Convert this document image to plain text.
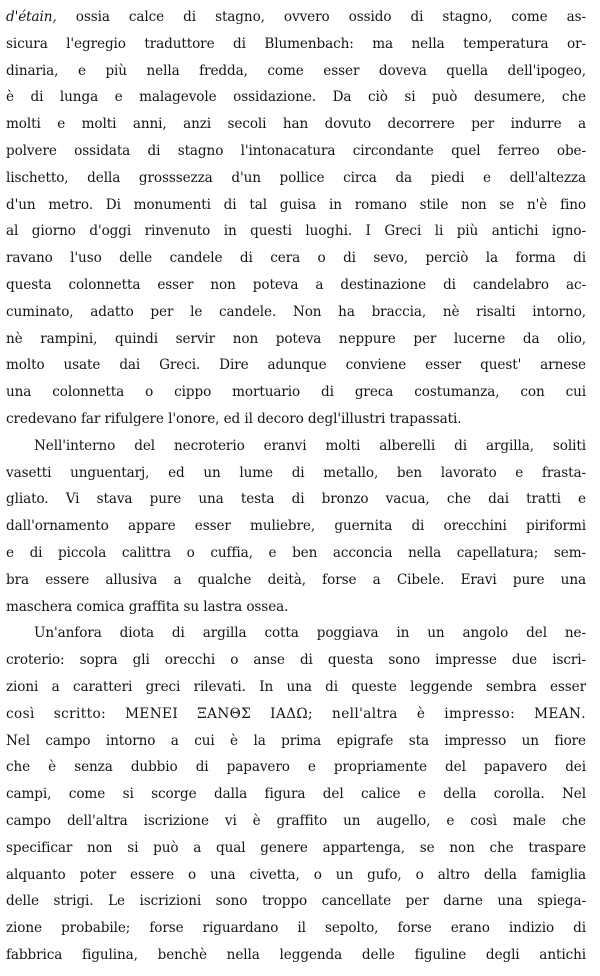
d'étain, ossia calce di stagno, ovvero ossido di stagno, come as-
sicura l'egregio traduttore di Blumenbach: ma nella temperatura or-
dinaria, e più nella fredda, come esser doveva quella dell'ipogeo,
è di lunga e malagevole ossidazione. Da ciò si può desumere, che
molti e molti anni, anzi secoli han dovuto decorrere per indurre a
polvere ossidata di stagno l'intonacatura circondante quel ferreo obe-
lischetto, della grosssezza d'un pollice circa da piedi e dell'altezza
d'un metro. Di monumenti di tal guisa in romano stile non se n'è fino
al giorno d'oggi rinvenuto in questi luoghi. I Greci li più antichi igno-
ravano l'uso delle candele di cera o di sevo, perciò la forma di
questa colonnetta esser non poteva a destinazione di candelabro ac-
cuminato, adatto per le candele. Non ha braccia, nè risalti intorno,
nè rampini, quindi servir non poteva neppure per lucerne da olio,
molto usate dai Greci. Dire adunque conviene esser quest' arnese
una colonnetta o cippo mortuario di greca costumanza, con cui
credevano far rifulgere l'onore, ed il decoro degl'illustri trapassati.
Nell'interno del necroterio eranvi molti alberelli di argilla, soliti
vasetti unguentarj, ed un lume di metallo, ben lavorato e frasta-
gliato. Vi stava pure una testa di bronzo vacua, che dai tratti e
dall'ornamento appare esser muliebre, guernita di orecchini piriformi
e di piccola calittra o cuffia, e ben acconcia nella capellatura; sem-
bra essere allusiva a qualche deità, forse a Cibele. Eravi pure una
maschera comica graffita su lastra ossea.
Un'anfora diota di argilla cotta poggiava in un angolo del ne-
croterio: sopra gli orecchi o anse di questa sono impresse due iscri-
zioni a caratteri greci rilevati. In una di queste leggende sembra esser
così scritto: ΜΕΝΕΙ ΞΑΝΘΣ ΙΑΔΩ; nell'altra è impresso: ΜΕΑΝ.
Nel campo intorno a cui è la prima epigrafe sta impresso un fiore
che è senza dubbio di papavero e propriamente del papavero dei
campi, come si scorge dalla figura del calice e della corolla. Nel
campo dell'altra iscrizione vi è graffito un augello, e così male che
specificar non si può a qual genere appartenga, se non che traspare
alquanto poter essere o una civetta, o un gufo, o altro della famiglia
delle strigi. Le iscrizioni sono troppo cancellate per darne una spiega-
zione probabile; forse riguardano il sepolto, forse erano indizio di
fabbrica figulina, benchè nella leggenda delle figuline degli antichi
